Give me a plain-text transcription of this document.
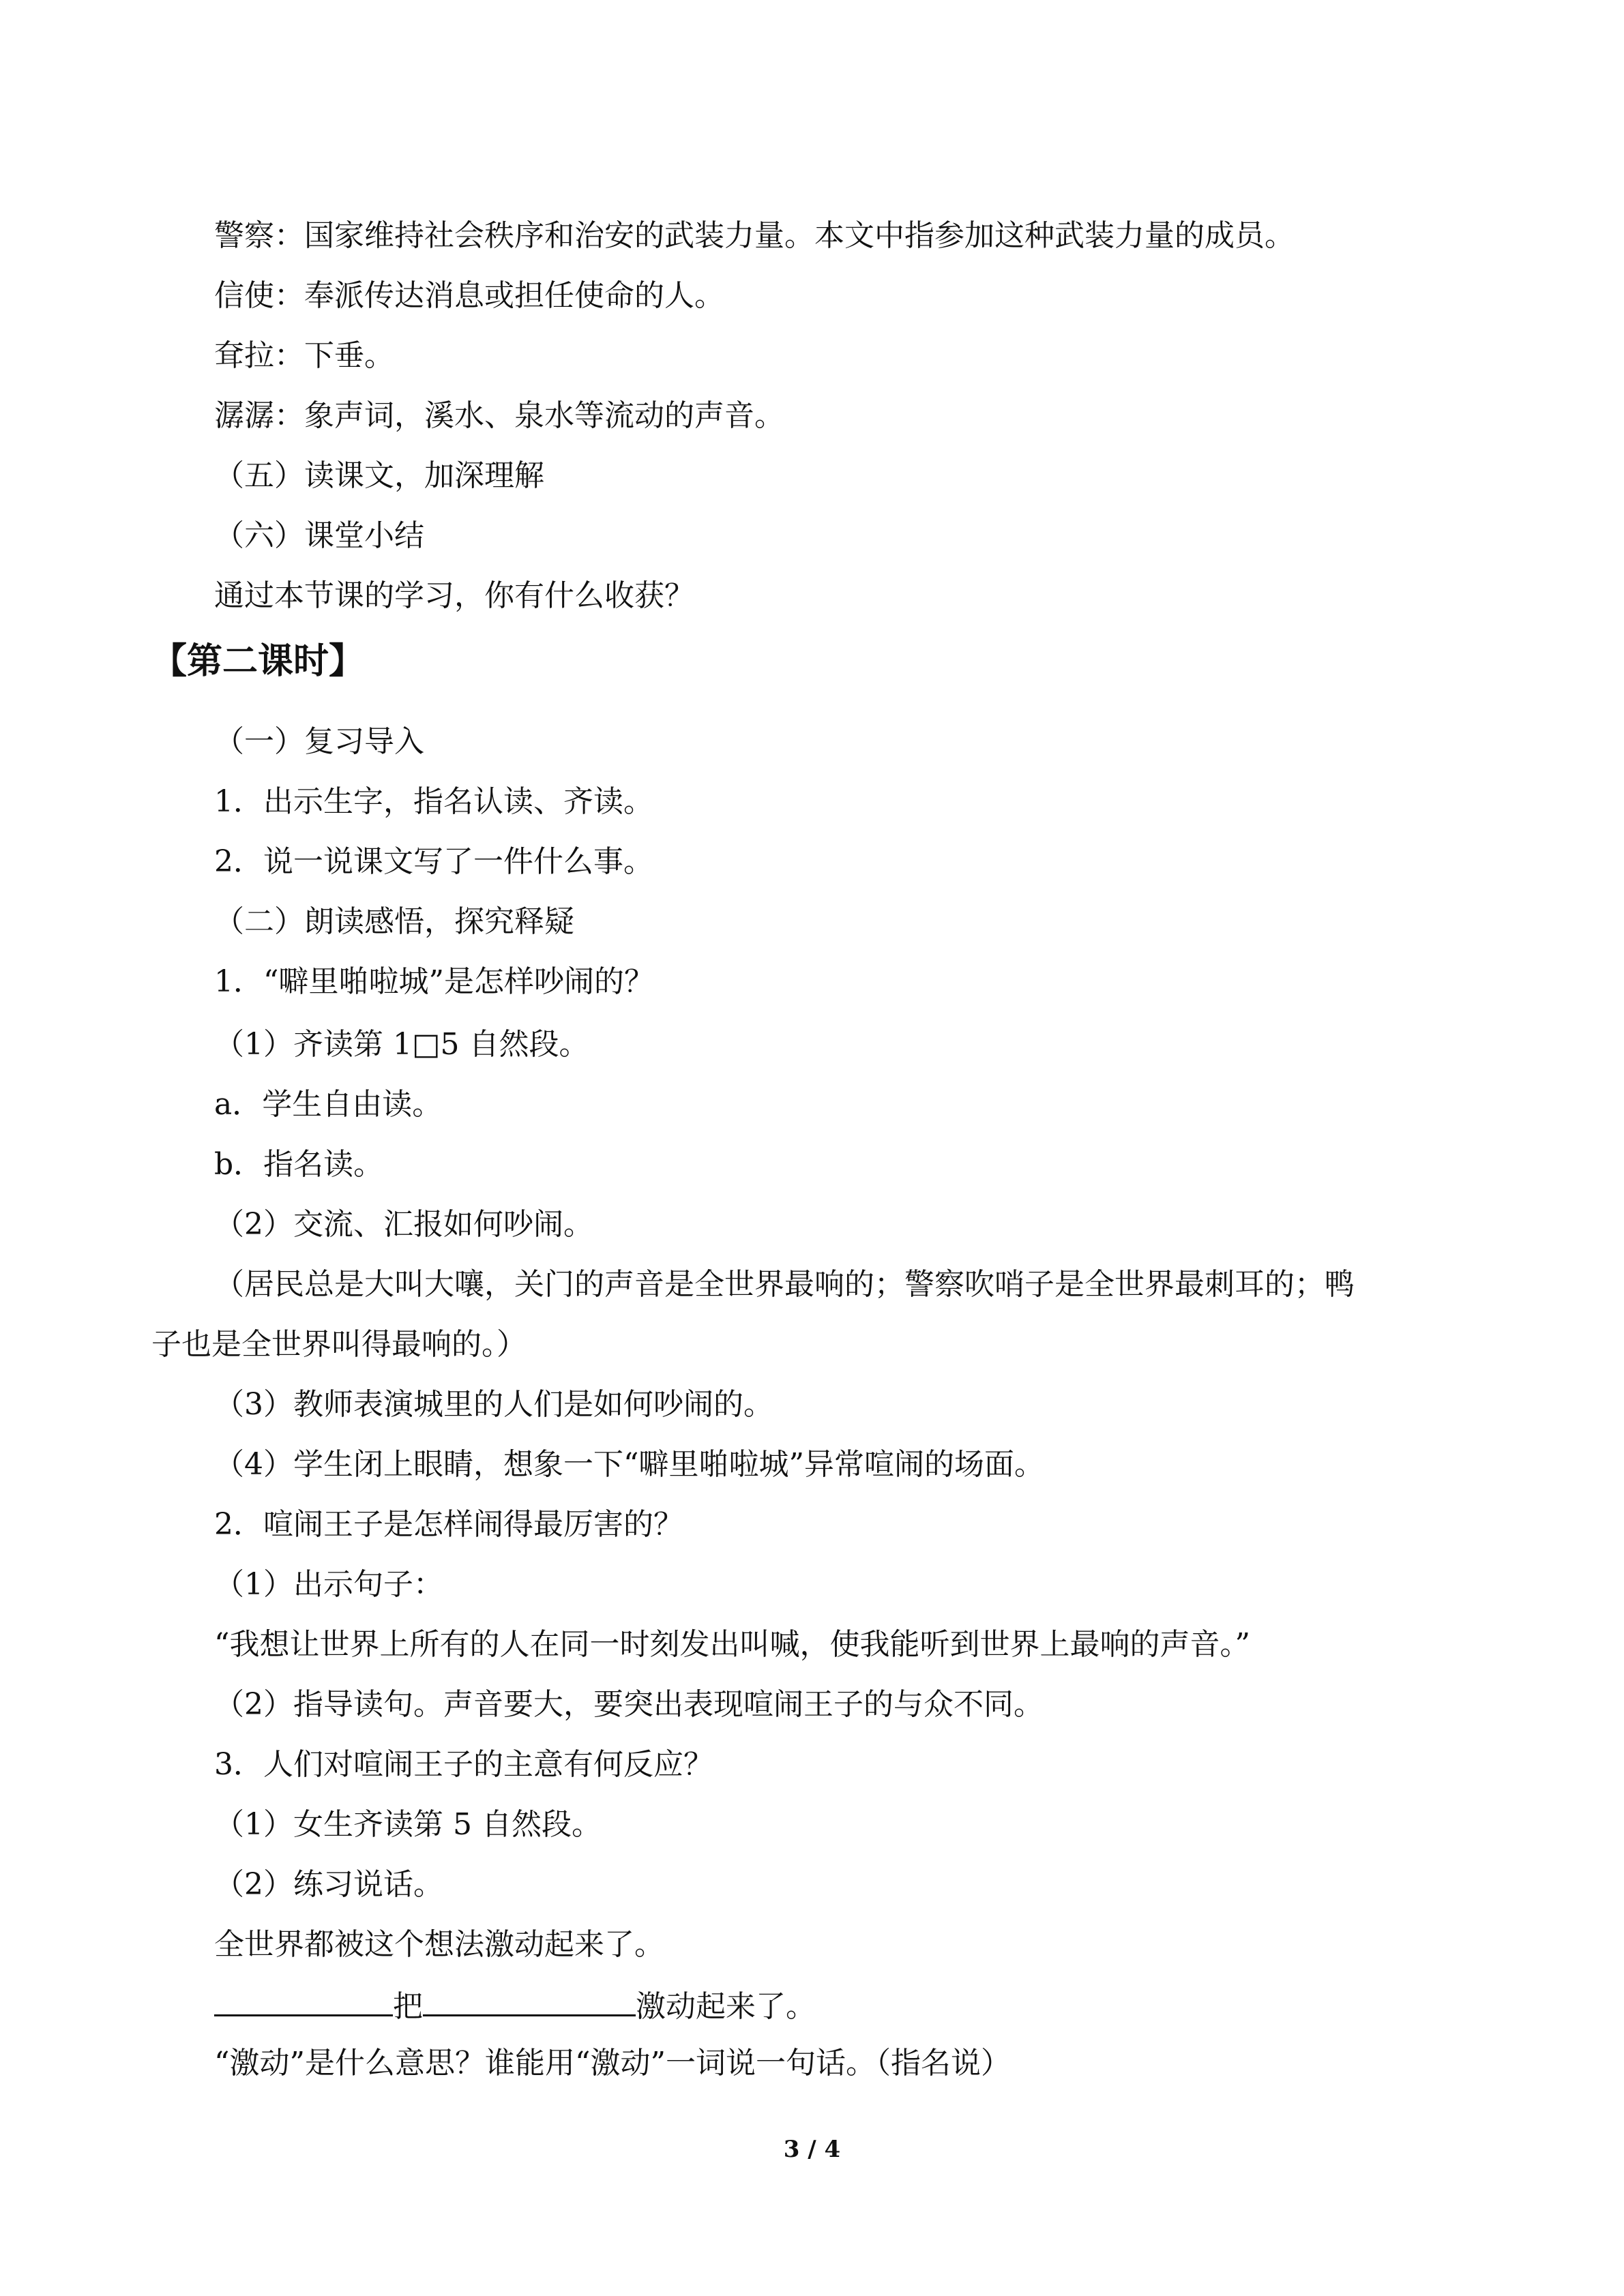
警察：国家维持社会秩序和治安的武装力量。本文中指参加这种武装力量的成员。
信使：奉派传达消息或担任使命的人。
耷拉：下垂。
潺潺：象声词，溪水、泉水等流动的声音。
（五）读课文，加深理解
（六）课堂小结
通过本节课的学习，你有什么收获？
【第二课时】
（一）复习导入
1．出示生字，指名认读、齐读。
2．说一说课文写了一件什么事。
（二）朗读感悟，探究释疑
1．“噼里啪啦城”是怎样吵闹的？
（1）齐读第 1□5 自然段。
a．学生自由读。
b．指名读。
（2）交流、汇报如何吵闹。
（居民总是大叫大嚷，关门的声音是全世界最响的；警察吹哨子是全世界最刺耳的；鸭
子也是全世界叫得最响的。）
（3）教师表演城里的人们是如何吵闹的。
（4）学生闭上眼睛，想象一下“噼里啪啦城”异常喧闹的场面。
2．喧闹王子是怎样闹得最厉害的？
（1）出示句子：
“我想让世界上所有的人在同一时刻发出叫喊，使我能听到世界上最响的声音。”
（2）指导读句。声音要大，要突出表现喧闹王子的与众不同。
3．人们对喧闹王子的主意有何反应？
（1）女生齐读第 5 自然段。
（2）练习说话。
全世界都被这个想法激动起来了。
把	激动起来了。
“激动”是什么意思？谁能用“激动”一词说一句话。（指名说）
3 / 4
